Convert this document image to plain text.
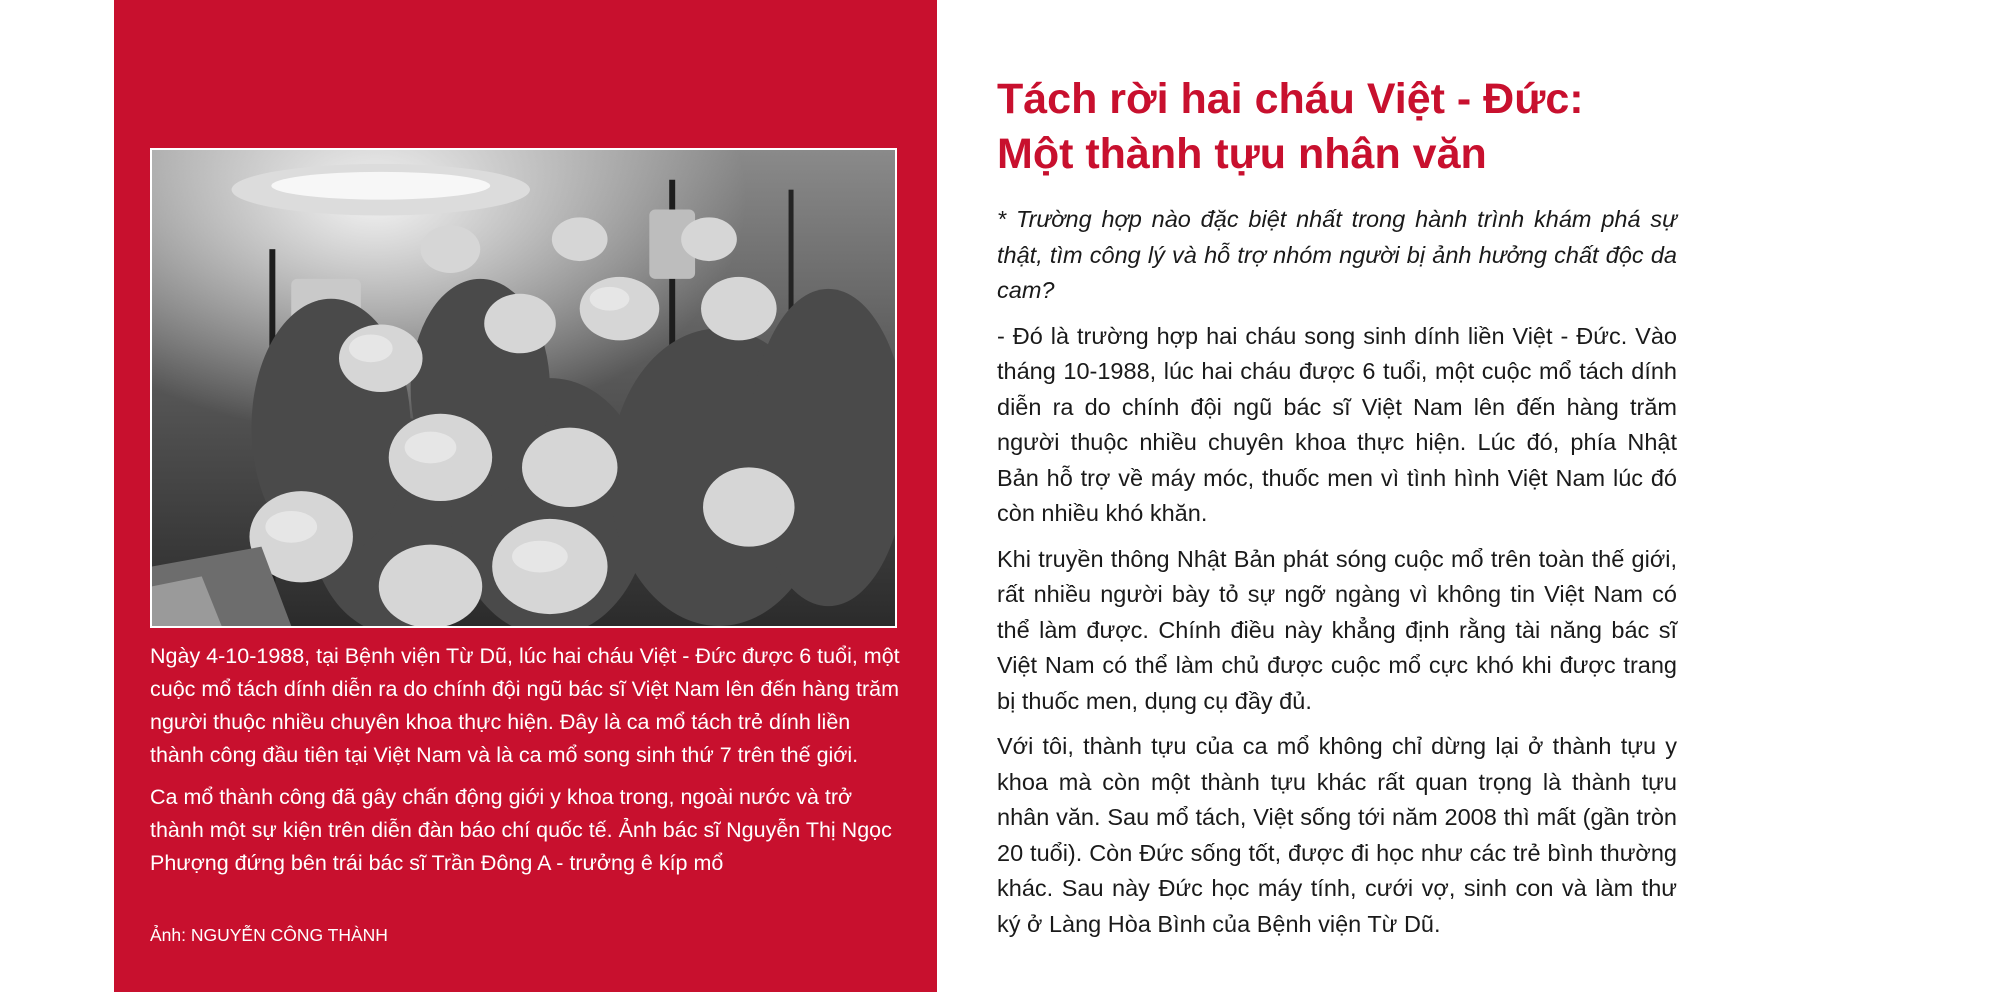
Ngày 4-10-1988, tại Bệnh viện Từ Dũ, lúc hai cháu Việt - Đức được 6 tuổi, một cuộc mổ tách dính diễn ra do chính đội ngũ bác sĩ Việt Nam lên đến hàng trăm người thuộc nhiều chuyên khoa thực hiện. Đây là ca mổ tách trẻ dính liền thành công đầu tiên tại Việt Nam và là ca mổ song sinh thứ 7 trên thế giới.

Ca mổ thành công đã gây chấn động giới y khoa trong, ngoài nước và trở thành một sự kiện trên diễn đàn báo chí quốc tế. Ảnh bác sĩ Nguyễn Thị Ngọc Phượng đứng bên trái bác sĩ Trần Đông A - trưởng ê kíp mổ

Ảnh: NGUYỄN CÔNG THÀNH
Tách rời hai cháu Việt - Đức:
Một thành tựu nhân văn

* Trường hợp nào đặc biệt nhất trong hành trình khám phá sự thật, tìm công lý và hỗ trợ nhóm người bị ảnh hưởng chất độc da cam?

- Đó là trường hợp hai cháu song sinh dính liền Việt - Đức. Vào tháng 10-1988, lúc hai cháu được 6 tuổi, một cuộc mổ tách dính diễn ra do chính đội ngũ bác sĩ Việt Nam lên đến hàng trăm người thuộc nhiều chuyên khoa thực hiện. Lúc đó, phía Nhật Bản hỗ trợ về máy móc, thuốc men vì tình hình Việt Nam lúc đó còn nhiều khó khăn.

Khi truyền thông Nhật Bản phát sóng cuộc mổ trên toàn thế giới, rất nhiều người bày tỏ sự ngỡ ngàng vì không tin Việt Nam có thể làm được. Chính điều này khẳng định rằng tài năng bác sĩ Việt Nam có thể làm chủ được cuộc mổ cực khó khi được trang bị thuốc men, dụng cụ đầy đủ.

Với tôi, thành tựu của ca mổ không chỉ dừng lại ở thành tựu y khoa mà còn một thành tựu khác rất quan trọng là thành tựu nhân văn. Sau mổ tách, Việt sống tới năm 2008 thì mất (gần tròn 20 tuổi). Còn Đức sống tốt, được đi học như các trẻ bình thường khác. Sau này Đức học máy tính, cưới vợ, sinh con và làm thư ký ở Làng Hòa Bình của Bệnh viện Từ Dũ.
